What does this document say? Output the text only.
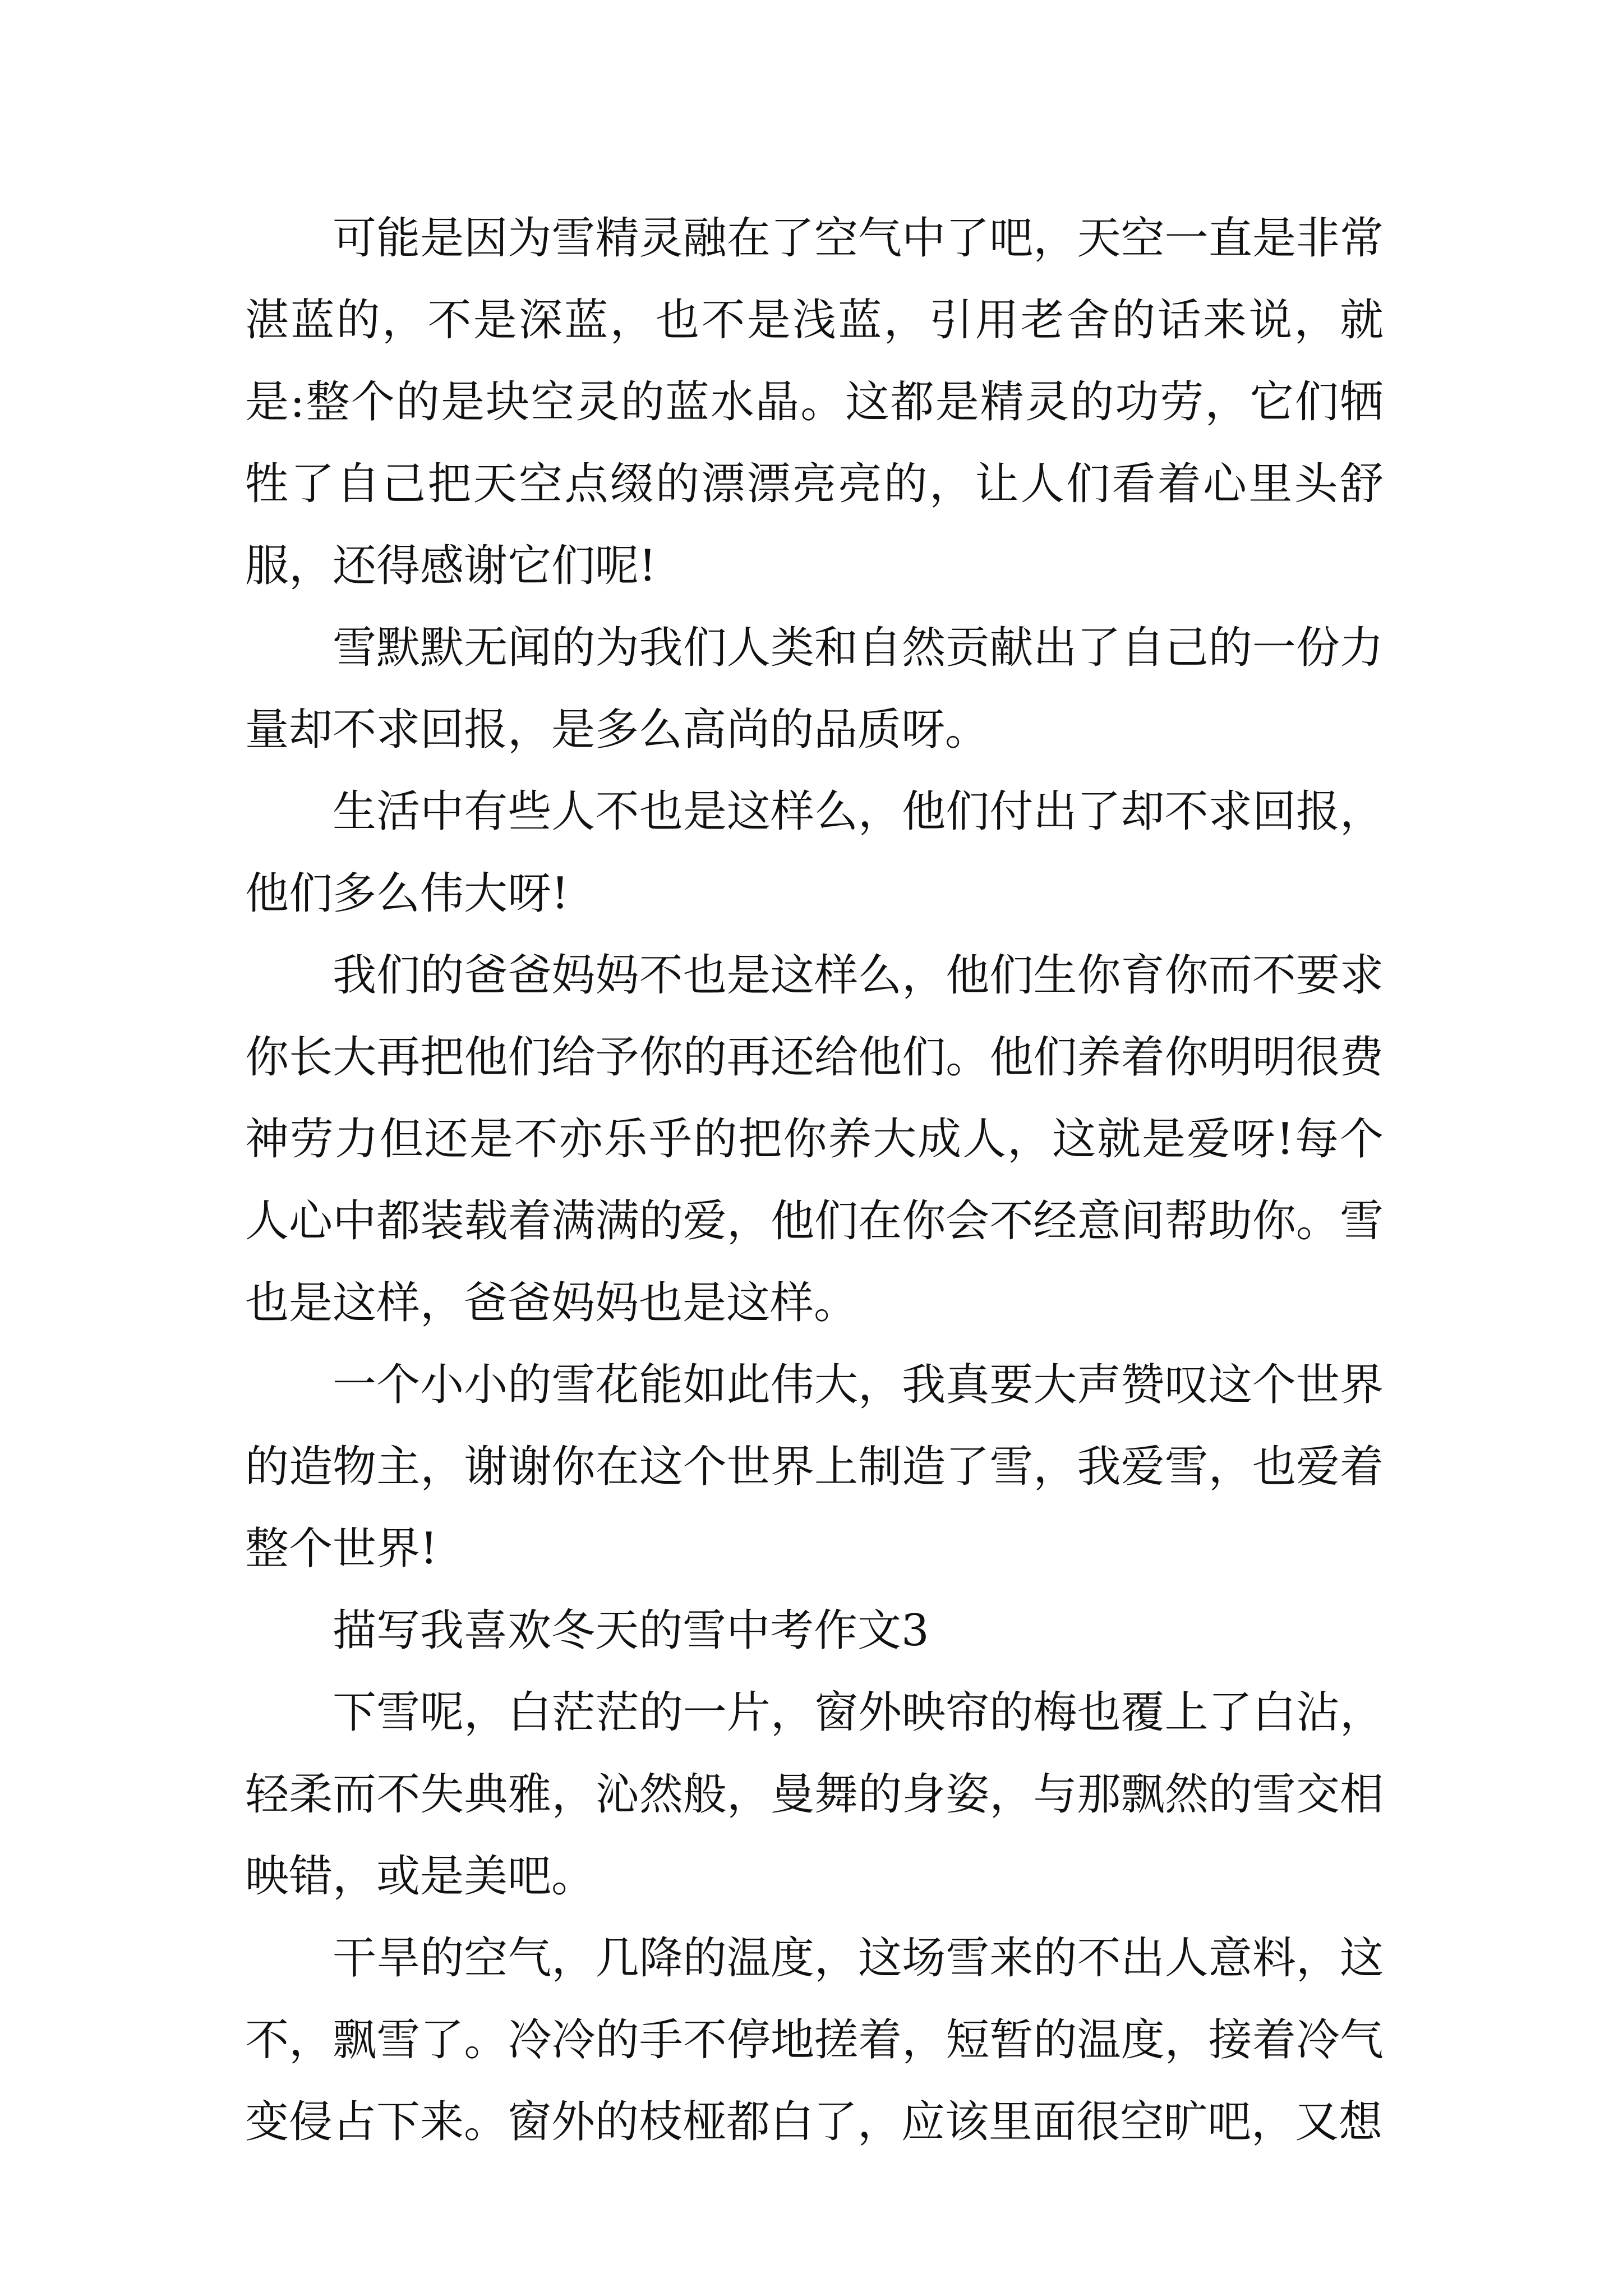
可能是因为雪精灵融在了空气中了吧，天空一直是非常湛蓝的，不是深蓝，也不是浅蓝，引用老舍的话来说，就是:整个的是块空灵的蓝水晶。这都是精灵的功劳，它们牺牲了自己把天空点缀的漂漂亮亮的，让人们看着心里头舒服，还得感谢它们呢!

雪默默无闻的为我们人类和自然贡献出了自己的一份力量却不求回报，是多么高尚的品质呀。

生活中有些人不也是这样么，他们付出了却不求回报，他们多么伟大呀!

我们的爸爸妈妈不也是这样么，他们生你育你而不要求你长大再把他们给予你的再还给他们。他们养着你明明很费神劳力但还是不亦乐乎的把你养大成人，这就是爱呀!每个人心中都装载着满满的爱，他们在你会不经意间帮助你。雪也是这样，爸爸妈妈也是这样。

一个小小的雪花能如此伟大，我真要大声赞叹这个世界的造物主，谢谢你在这个世界上制造了雪，我爱雪，也爱着整个世界!

描写我喜欢冬天的雪中考作文3

下雪呢，白茫茫的一片，窗外映帘的梅也覆上了白沾，轻柔而不失典雅，沁然般，曼舞的身姿，与那飘然的雪交相映错，或是美吧。

干旱的空气，几降的温度，这场雪来的不出人意料，这不，飘雪了。冷冷的手不停地搓着，短暂的温度，接着冷气变侵占下来。窗外的枝桠都白了，应该里面很空旷吧，又想
